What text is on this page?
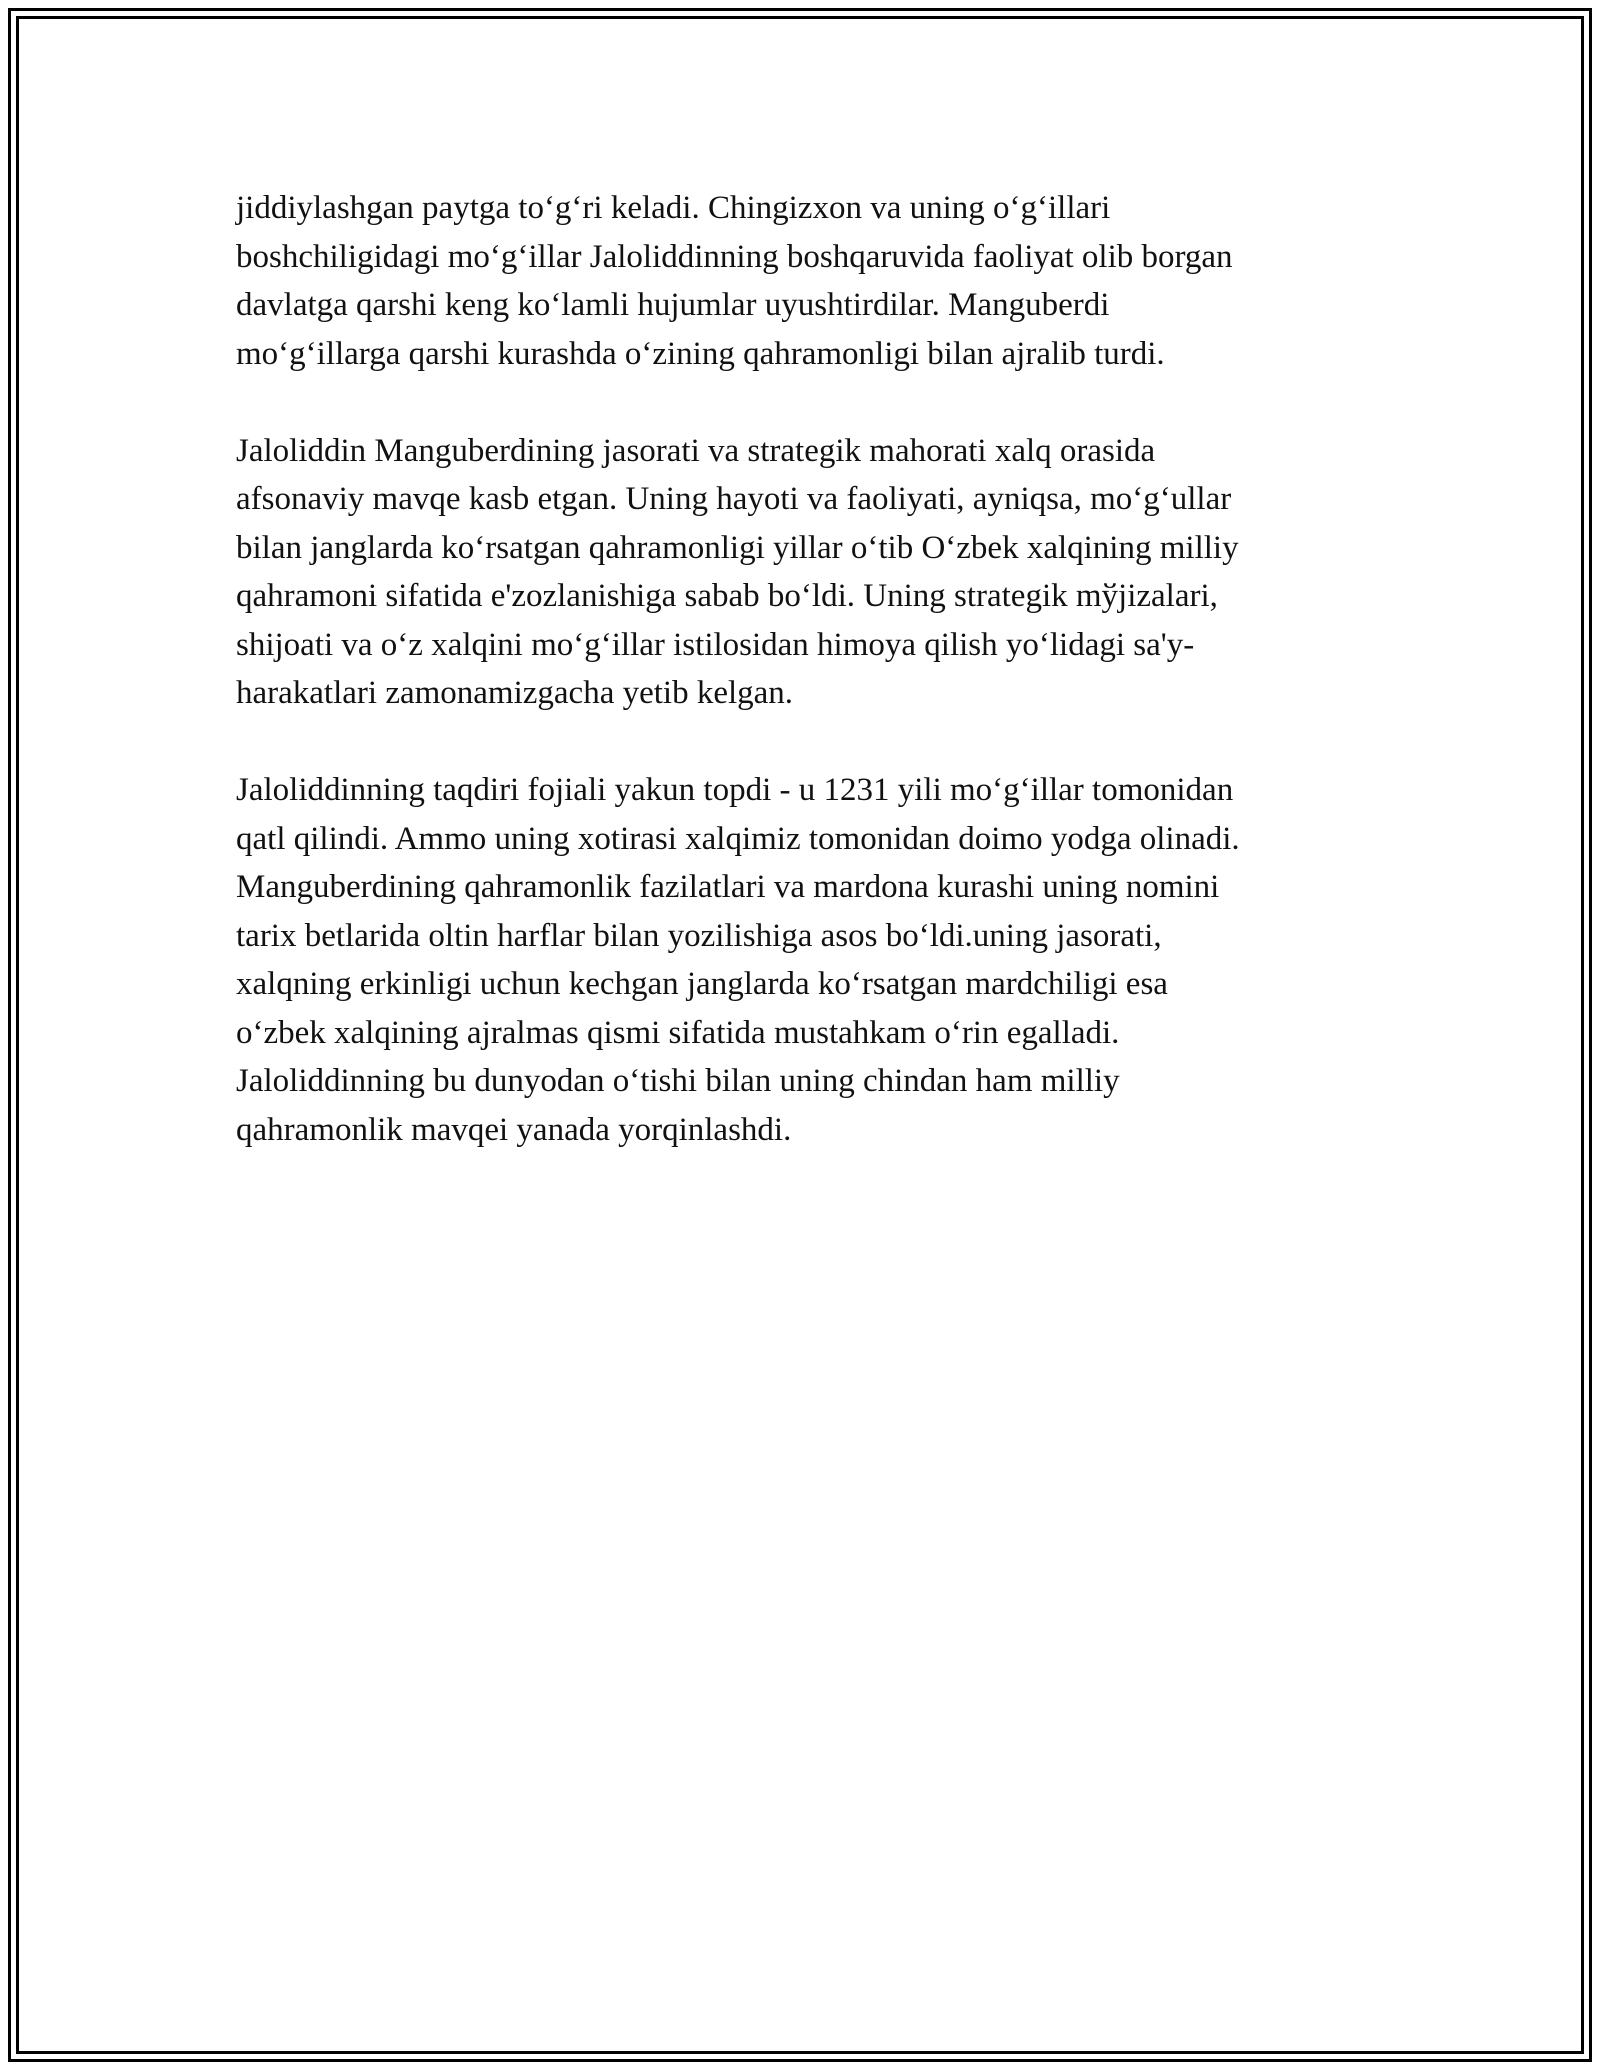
jiddiylashgan paytga to‘g‘ri keladi. Chingizxon va uning o‘g‘illari
boshchiligidagi mo‘g‘illar Jaloliddinning boshqaruvida faoliyat olib borgan
davlatga qarshi keng ko‘lamli hujumlar uyushtirdilar. Manguberdi
mo‘g‘illarga qarshi kurashda o‘zining qahramonligi bilan ajralib turdi.
Jaloliddin Manguberdining jasorati va strategik mahorati xalq orasida
afsonaviy mavqe kasb etgan. Uning hayoti va faoliyati, ayniqsa, mo‘g‘ullar
bilan janglarda ko‘rsatgan qahramonligi yillar o‘tib O‘zbek xalqining milliy
qahramoni sifatida e'zozlanishiga sabab bo‘ldi. Uning strategik mўjizalari,
shijoati va o‘z xalqini mo‘g‘illar istilosidan himoya qilish yo‘lidagi sa'y-
harakatlari zamonamizgacha yetib kelgan.
Jaloliddinning taqdiri fojiali yakun topdi - u 1231 yili mo‘g‘illar tomonidan
qatl qilindi. Ammo uning xotirasi xalqimiz tomonidan doimo yodga olinadi.
Manguberdining qahramonlik fazilatlari va mardona kurashi uning nomini
tarix betlarida oltin harflar bilan yozilishiga asos bo‘ldi.uning jasorati,
xalqning erkinligi uchun kechgan janglarda ko‘rsatgan mardchiligi esa
o‘zbek xalqining ajralmas qismi sifatida mustahkam o‘rin egalladi.
Jaloliddinning bu dunyodan o‘tishi bilan uning chindan ham milliy
qahramonlik mavqei yanada yorqinlashdi.
